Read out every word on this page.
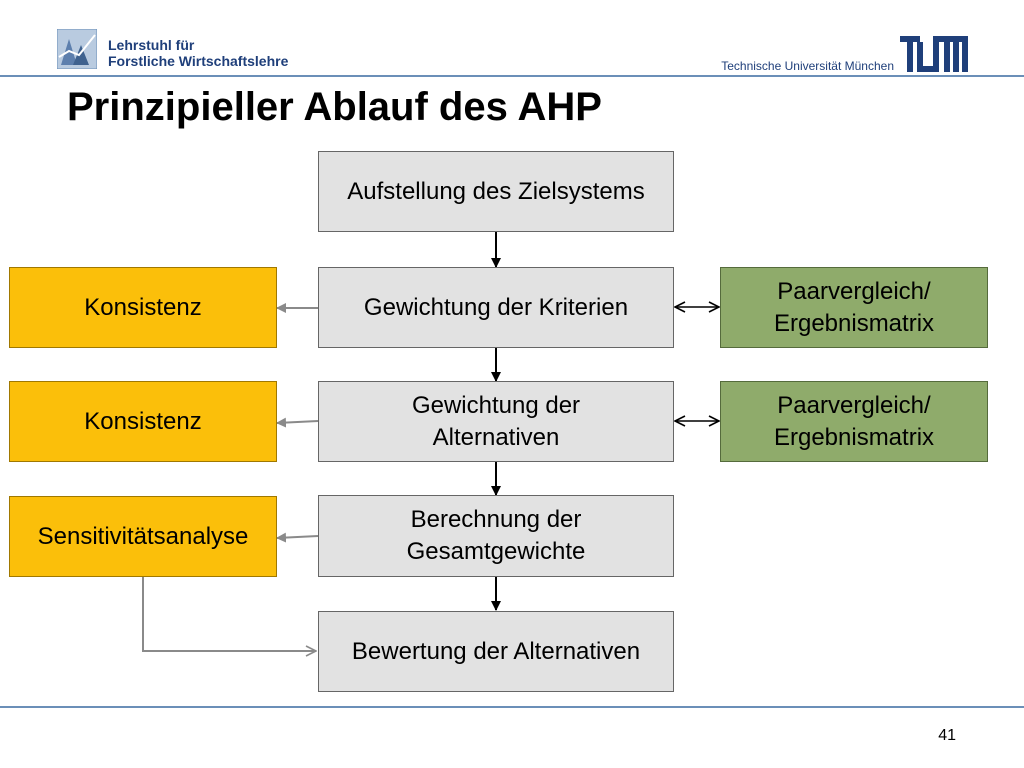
Lehrstuhl für
Forstliche Wirtschaftslehre	Technische Universität München
Prinzipieller Ablauf des AHP
Aufstellung des Zielsystems
Gewichtung der Kriterien
Gewichtung der Alternativen
Berechnung der Gesamtgewichte
Bewertung der Alternativen
Konsistenz
Konsistenz
Sensitivitätsanalyse
Paarvergleich/ Ergebnismatrix
Paarvergleich/ Ergebnismatrix
41
